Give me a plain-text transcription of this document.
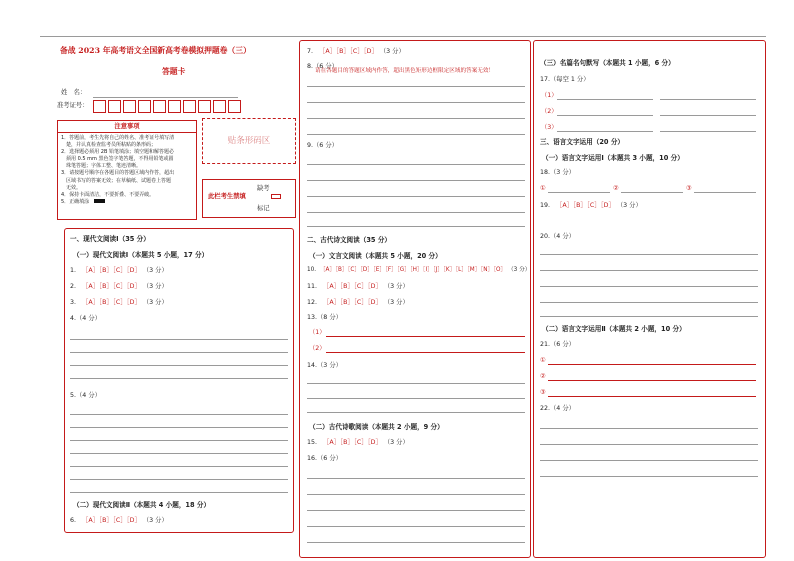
备战 2023 年高考语文全国新高考卷模拟押题卷（三）
答题卡
姓　名：
准考证号：
注意事项
1．答题前，考生先将自己的姓名、准考证号填写清
　楚，并认真检查监考员所粘贴的条形码；
2．选择题必须用 2B 铅笔填涂；填空题和解答题必
　须用 0.5 mm 黑色签字笔答题，不得用铅笔或圆
　珠笔答题；字体工整、笔迹清晰。
3．请按题号顺序在各题目的答题区域内作答，超出
　区域书写的答案无效；在草稿纸、试题卷上答题
　无效。
4．保持卡面清洁，不要折叠、不要弄破。
5．正确填涂
贴条形码区
此栏考生禁填
缺考
标记
一、现代文阅读Ⅰ（35 分）
（一）现代文阅读Ⅰ（本题共 5 小题，17 分）
1. ［A］［B］［C］［D］ （3 分）
2. ［A］［B］［C］［D］ （3 分）
3. ［A］［B］［C］［D］ （3 分）
4.（4 分）
5.（4 分）
（二）现代文阅读Ⅱ（本题共 4 小题，18 分）
6. ［A］［B］［C］［D］ （3 分）
7. ［A］［B］［C］［D］ （3 分）
8.（6 分）
请在各题目的答题区域内作答，超出黑色矩形边框限定区域的答案无效！
9.（6 分）
二、古代诗文阅读（35 分）
（一）文言文阅读（本题共 5 小题，20 分）
10. ［A］［B］［C］［D］［E］［F］［G］［H］［I］［J］［K］［L］［M］［N］［O］ （3 分）
11. ［A］［B］［C］［D］ （3 分）
12. ［A］［B］［C］［D］ （3 分）
13.（8 分）
（1）
（2）
14.（3 分）
（二）古代诗歌阅读（本题共 2 小题，9 分）
15. ［A］［B］［C］［D］ （3 分）
16.（6 分）
（三）名篇名句默写（本题共 1 小题，6 分）
17.（每空 1 分）
（1）
（2）
（3）
三、语言文字运用（20 分）
（一）语言文字运用Ⅰ（本题共 3 小题，10 分）
18.（3 分）
①	②	③
19. ［A］［B］［C］［D］ （3 分）
20.（4 分）
（二）语言文字运用Ⅱ（本题共 2 小题，10 分）
21.（6 分）
①
②
③
22.（4 分）
